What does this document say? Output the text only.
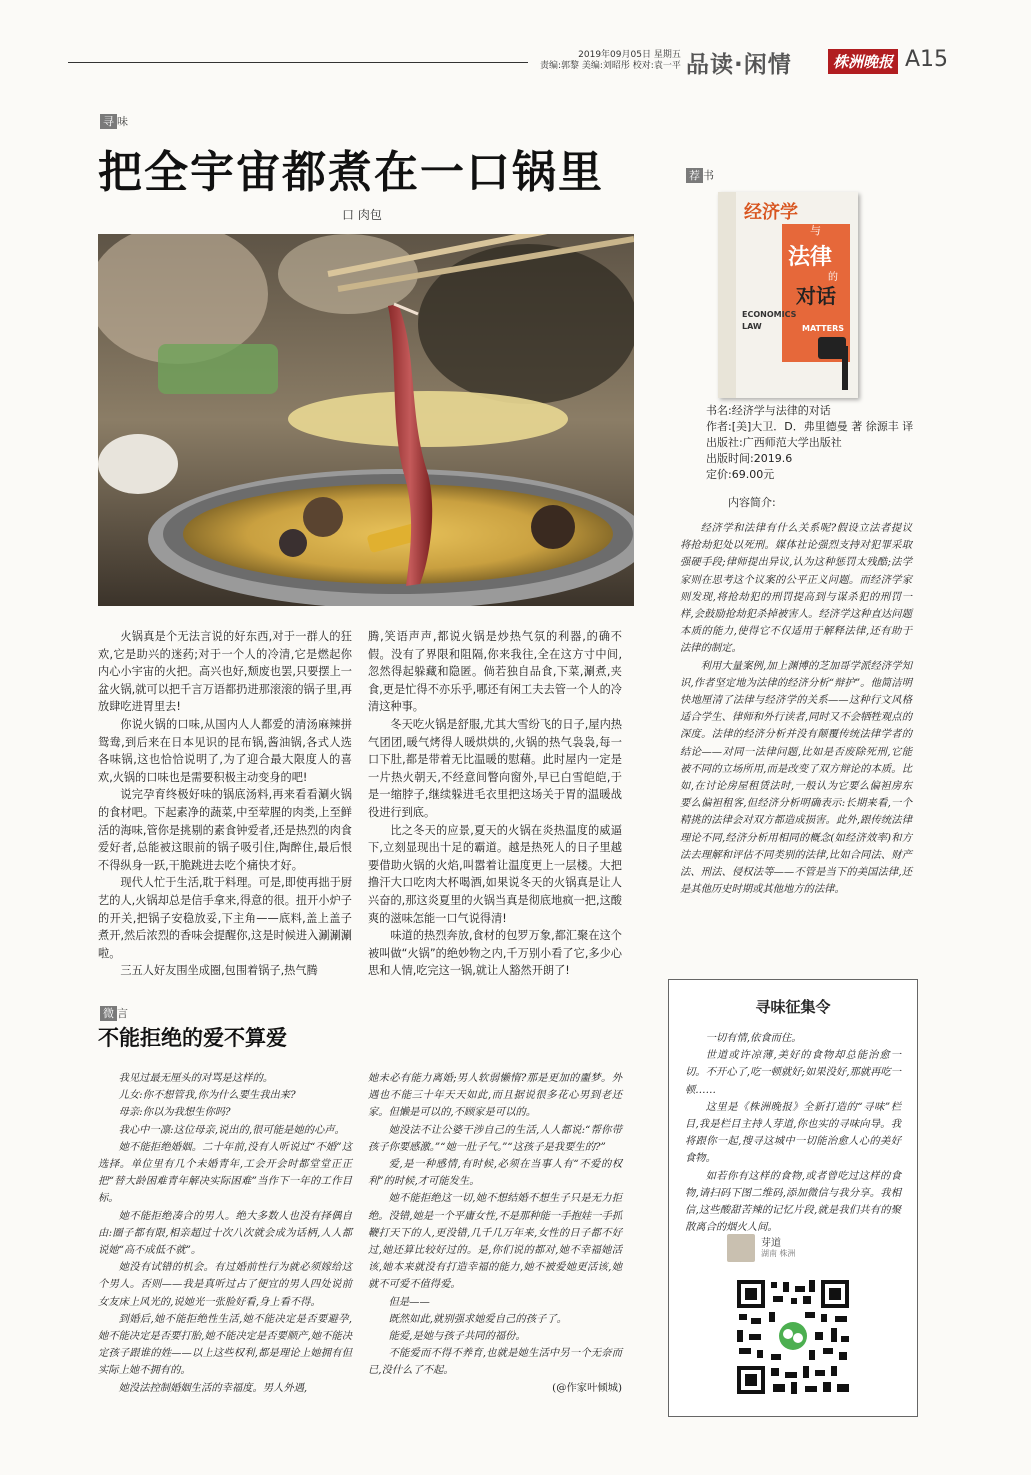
2019年09月05日 星期五
责编:郭黎 美编:刘昭彤 校对:袁一平 品读·闲情	株洲晚报 A15
寻 味
把全宇宙都煮在一口锅里
口 肉包

火锅真是个无法言说的好东西,对于一群人的狂欢,它是助兴的迷药;对于一个人的冷清,它是燃起你内心小宇宙的火把。高兴也好,颓废也罢,只要摆上一盆火锅,就可以把千言万语都扔进那滚滚的锅子里,再放肆吃进胃里去!

你说火锅的口味,从国内人人都爱的清汤麻辣拼鸳鸯,到后来在日本见识的昆布锅,酱油锅,各式人选各味锅,这也恰恰说明了,为了迎合最大限度人的喜欢,火锅的口味也是需要积极主动变身的吧!

说完孕育终极好味的锅底汤料,再来看看涮火锅的食材吧。下起素净的蔬菜,中至荤腥的肉类,上至鲜活的海味,管你是挑剔的素食钟爱者,还是热烈的肉食爱好者,总能被这眼前的锅子吸引住,陶醉住,最后恨不得纵身一跃,干脆跳进去吃个痛快才好。

现代人忙于生活,耽于料理。可是,即使再拙于厨艺的人,火锅却总是信手拿来,得意的很。扭开小炉子的开关,把锅子安稳放妥,下主角——底料,盖上盖子煮开,然后浓烈的香味会提醒你,这是时候进入涮涮涮啦。

三五人好友围坐成圈,包围着锅子,热气腾

腾,笑语声声,都说火锅是炒热气氛的利器,的确不假。没有了界限和阻隔,你来我往,全在这方寸中间,忽然得起躲藏和隐匿。倘若独自品食,下菜,涮煮,夹食,更是忙得不亦乐乎,哪还有闲工夫去管一个人的冷清这种事。

冬天吃火锅是舒服,尤其大雪纷飞的日子,屋内热气团团,暖气烤得人暖烘烘的,火锅的热气袅袅,每一口下肚,都是带着无比温暖的慰藉。此时屋内一定是一片热火朝天,不经意间瞥向窗外,早已白雪皑皑,于是一缩脖子,继续躲进毛衣里把这场关于胃的温暖战役进行到底。

比之冬天的应景,夏天的火锅在炎热温度的威逼下,立刻显现出十足的霸道。越是热死人的日子里越要借助火锅的火焰,叫嚣着让温度更上一层楼。大把撸汗大口吃肉大杯喝酒,如果说冬天的火锅真是让人兴奋的,那这炎夏里的火锅当真是彻底地疯一把,这酸爽的滋味怎能一口气说得清!

味道的热烈奔放,食材的包罗万象,都汇聚在这个被叫做“火锅”的绝妙物之内,千万别小看了它,多少心思和人情,吃完这一锅,就让人豁然开朗了!

荐 书
经济学
与
法律
的
对话
ECONOMICS
LAW	MATTERS
书名:经济学与法律的对话
作者:[美]大卫．D．弗里德曼 著 徐源丰 译
出版社:广西师范大学出版社
出版时间:2019.6
定价:69.00元
内容简介:

经济学和法律有什么关系呢?假设立法者提议将抢劫犯处以死刑。媒体社论强烈支持对犯罪采取强硬手段;律师提出异议,认为这种惩罚太残酷;法学家则在思考这个议案的公平正义问题。而经济学家则发现,将抢劫犯的刑罚提高到与谋杀犯的刑罚一样,会鼓励抢劫犯杀掉被害人。经济学这种直达问题本质的能力,使得它不仅适用于解释法律,还有助于法律的制定。

利用大量案例,加上渊博的芝加哥学派经济学知识,作者坚定地为法律的经济分析“辩护”。他简洁明快地厘清了法律与经济学的关系——这种行文风格适合学生、律师和外行读者,同时又不会牺牲观点的深度。法律的经济分析并没有颠覆传统法律学者的结论——对同一法律问题,比如是否废除死刑,它能被不同的立场所用,而是改变了双方辩论的本质。比如,在讨论房屋租赁法时,一般认为它要么偏袒房东要么偏袒租客,但经济分析明确表示:长期来看,一个精挑的法律会对双方都造成损害。此外,跟传统法律理论不同,经济分析用相同的概念(如经济效率)和方法去理解和评估不同类别的法律,比如合同法、财产法、刑法、侵权法等——不管是当下的美国法律,还是其他历史时期或其他地方的法律。

微 言
不能拒绝的爱不算爱

我见过最无厘头的对骂是这样的。

儿女:你不想管我,你为什么要生我出来?

母亲:你以为我想生你吗?

我心中一凛:这位母亲,说出的,很可能是她的心声。

她不能拒绝婚姻。二十年前,没有人听说过“不婚”这选择。单位里有几个未婚青年,工会开会时都堂堂正正把“替大龄困难青年解决实际困难”当作下一年的工作目标。

她不能拒绝凑合的男人。绝大多数人也没有择偶自由:圈子都有限,相亲超过十次八次就会成为话柄,人人都说她“高不成低不就”。

她没有试错的机会。有过婚前性行为就必须嫁给这个男人。否则——我是真听过占了便宜的男人四处说前女友床上风光的,说她光一张脸好看,身上看不得。

到婚后,她不能拒绝性生活,她不能决定是否要避孕,她不能决定是否要打胎,她不能决定是否要顺产,她不能决定孩子跟谁的姓——以上这些权利,都是理论上她拥有但实际上她不拥有的。

她没法控制婚姻生活的幸福度。男人外遇,

她未必有能力离婚;男人软弱懒惰?那是更加的噩梦。外遇也不能三十年天天如此,而且据说很多花心男到老还家。但懒是可以的,不顾家是可以的。

她没法不让公婆干涉自己的生活,人人都说:“帮你带孩子你要感激。”“她一肚子气。”“这孩子是我要生的?”

爱,是一种感情,有时候,必须在当事人有“不爱的权利”的时候,才可能发生。

她不能拒绝这一切,她不想结婚不想生子只是无力拒绝。没错,她是一个平庸女性,不是那种能一手抱娃一手抓鞭打天下的人,更没错,几千几万年来,女性的日子都不好过,她还算比较好过的。是,你们说的都对,她不幸福她活该,她本来就没有打造幸福的能力,她不被爱她更活该,她就不可爱不值得爱。

但是——

既然如此,就别强求她爱自己的孩子了。

能爱,是她与孩子共同的福份。

不能爱而不得不养育,也就是她生活中另一个无奈而已,没什么了不起。

(@作家叶倾城)
寻味征集令

一切有情,依食而住。

世道或许凉薄,美好的食物却总能治愈一切。不开心了,吃一顿就好;如果没好,那就再吃一顿……

这里是《株洲晚报》全新打造的“寻味”栏目,我是栏目主持人芽道,你也实的寻味向导。我将跟你一起,搜寻这城中一切能治愈人心的美好食物。

如若你有这样的食物,或者曾吃过这样的食物,请扫码下图二维码,添加微信与我分享。我相信,这些酸甜苦辣的记忆片段,就是我们共有的聚散离合的烟火人间。

芽道
湖南 株洲
